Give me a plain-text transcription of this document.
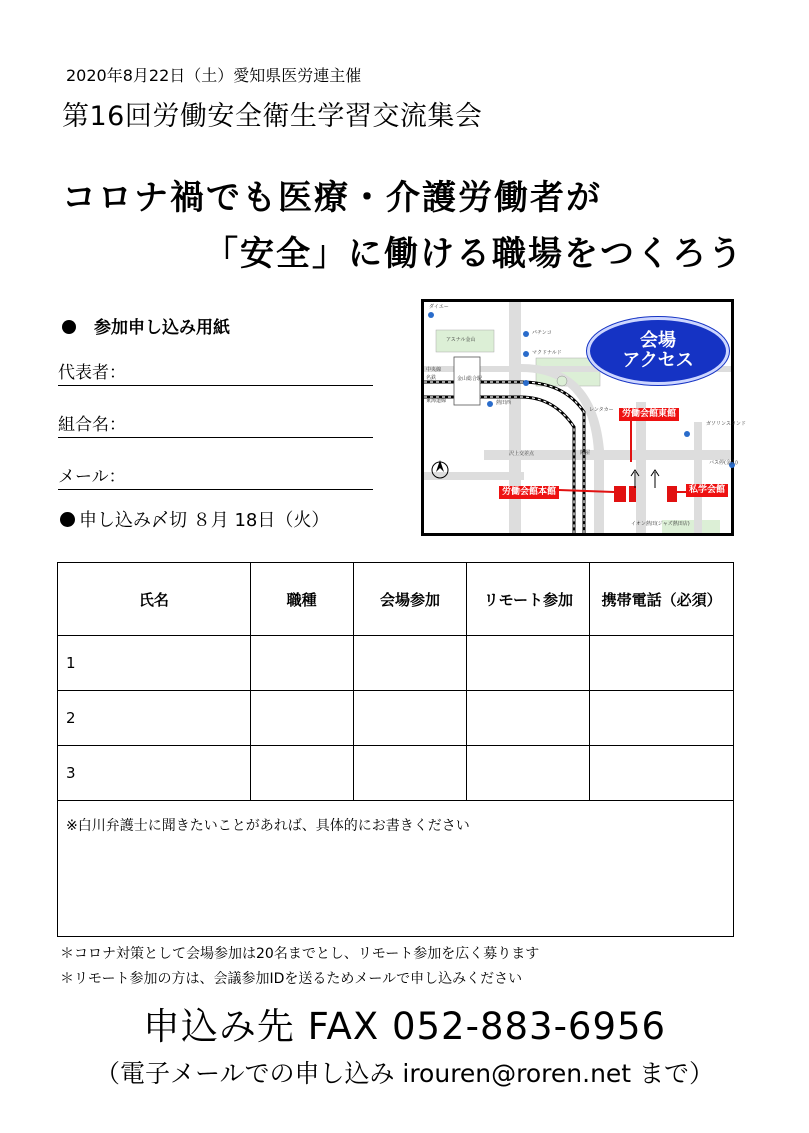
2020年8月22日（土）愛知県医労連主催
第16回労働安全衛生学習交流集会
コロナ禍でも医療・介護労働者が
「安全」に働ける職場をつくろう
参加申し込み用紙
代表者：
組合名：
メール：
申し込み〆切 ８月 18日（火）
ダイエー
アスナル金山
パチンコ
マクドナルド
中央線
名鉄
東海道線
金山総合駅
熱田西
レンタカー
沢上交差点	陣屋
ガソリンスタンド
バス停(金山)
イオン熱田(ジャズ熱田店)
会場
アクセス
労働会館東館
労働会館本館	私学会館
氏名	職種	会場参加	リモート参加	携帯電話（必須）
1				
2				
3				
※白川弁護士に聞きたいことがあれば、具体的にお書きください				
＊コロナ対策として会場参加は20名までとし、リモート参加を広く募ります
＊リモート参加の方は、会議参加IDを送るためメールで申し込みください
申込み先 FAX 052-883-6956
（電子メールでの申し込み irouren@roren.net まで）
